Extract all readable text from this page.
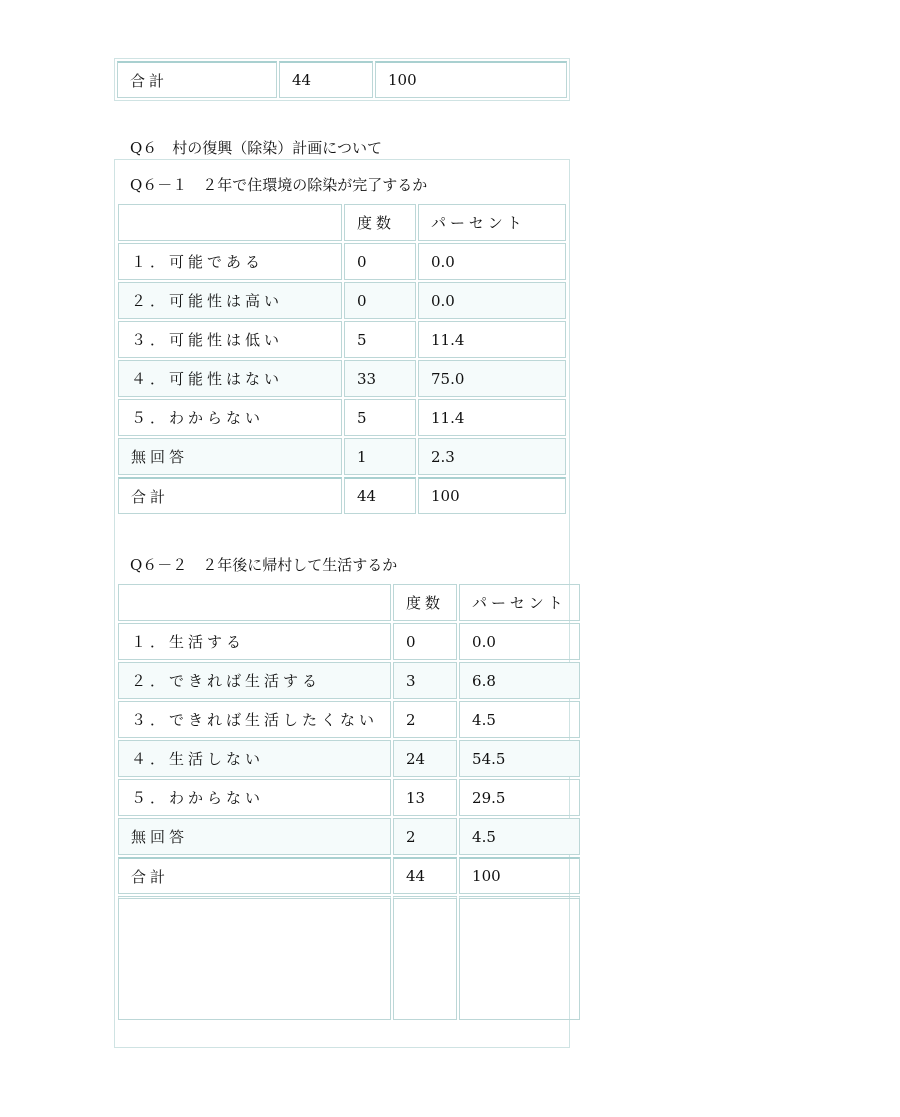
合計	44	100
Q６　村の復興（除染）計画について
Q６－１　２年で住環境の除染が完了するか
	度数	パーセント
１．可能である	0	0.0
２．可能性は高い	0	0.0
３．可能性は低い	5	11.4
４．可能性はない	33	75.0
５．わからない	5	11.4
無回答	1	2.3
合計	44	100
Q６－２　２年後に帰村して生活するか
	度数	パーセント
１．生活する	0	0.0
２．できれば生活する	3	6.8
３．できれば生活したくない	2	4.5
４．生活しない	24	54.5
５．わからない	13	29.5
無回答	2	4.5
合計	44	100
